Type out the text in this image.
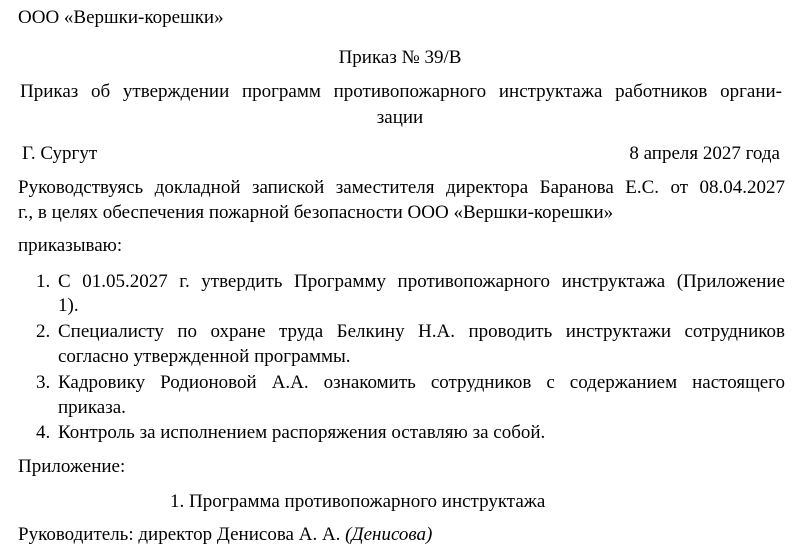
ООО «Вершки-корешки»
Приказ № 39/В
Приказ об утверждении программ противопожарного инструктажа работников органи-
зации
Г. Сургут	8 апреля 2027 года
Руководствуясь докладной запиской заместителя директора Баранова Е.С. от 08.04.2027
г., в целях обеспечения пожарной безопасности ООО «Вершки-корешки»
приказываю:
1. С 01.05.2027 г. утвердить Программу противопожарного инструктажа (Приложение
1).
2. Специалисту по охране труда Белкину Н.А. проводить инструктажи сотрудников
согласно утвержденной программы.
3. Кадровику Родионовой А.А. ознакомить сотрудников с содержанием настоящего
приказа.
4. Контроль за исполнением распоряжения оставляю за собой.
Приложение:
1. Программа противопожарного инструктажа
Руководитель: директор Денисова А. А. (Денисова)
